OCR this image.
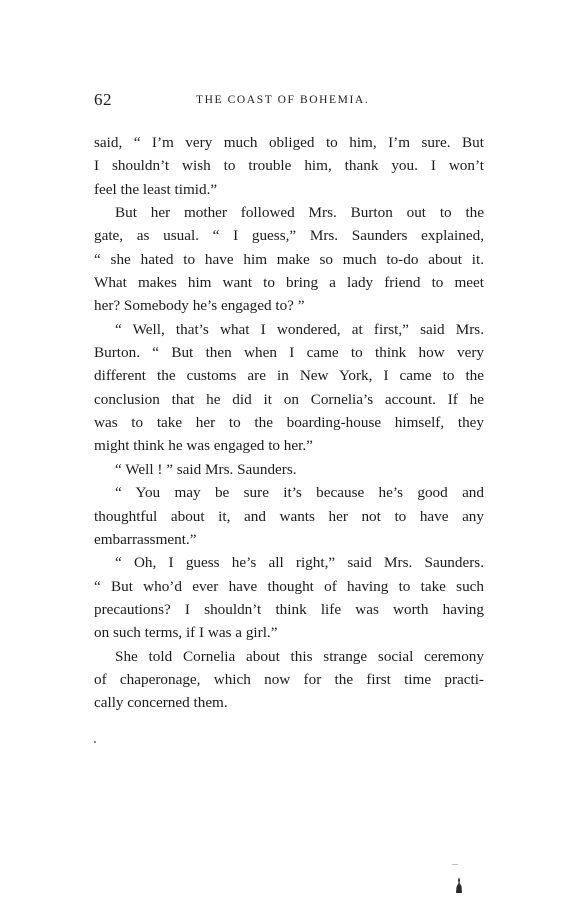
62	THE COAST OF BOHEMIA.
said, “ I’m very much obliged to him, I’m sure. But
I shouldn’t wish to trouble him, thank you. I won’t
feel the least timid.”
But her mother followed Mrs. Burton out to the
gate, as usual. “ I guess,” Mrs. Saunders explained,
“ she hated to have him make so much to-do about it.
What makes him want to bring a lady friend to meet
her? Somebody he’s engaged to? ”
“ Well, that’s what I wondered, at first,” said Mrs.
Burton. “ But then when I came to think how very
different the customs are in New York, I came to the
conclusion that he did it on Cornelia’s account. If he
was to take her to the boarding-house himself, they
might think he was engaged to her.”
“ Well ! ” said Mrs. Saunders.
“ You may be sure it’s because he’s good and
thoughtful about it, and wants her not to have any
embarrassment.”
“ Oh, I guess he’s all right,” said Mrs. Saunders.
“ But who’d ever have thought of having to take such
precautions? I shouldn’t think life was worth having
on such terms, if I was a girl.”
She told Cornelia about this strange social ceremony
of chaperonage, which now for the first time practi-
cally concerned them.
